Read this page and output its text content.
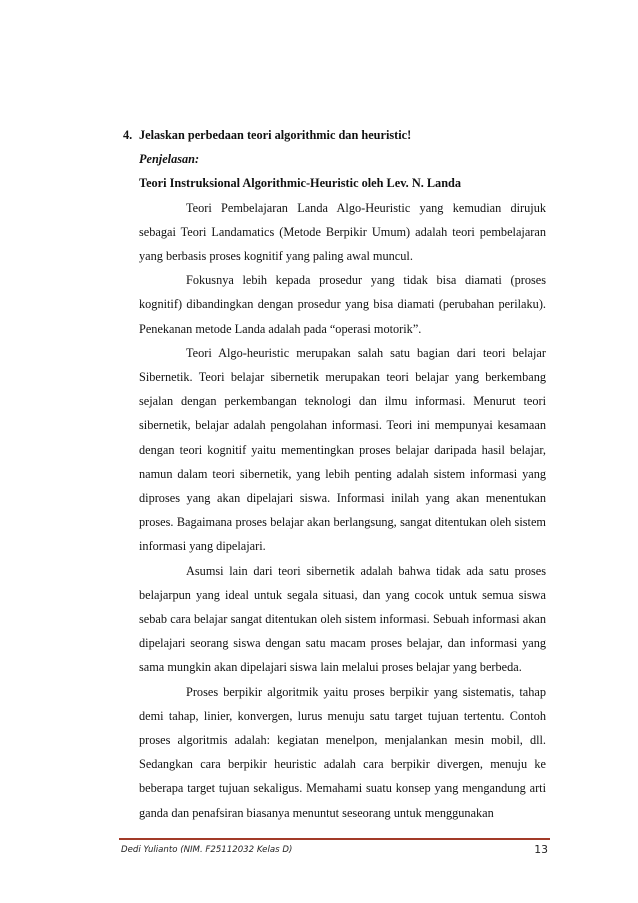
4. Jelaskan perbedaan teori algorithmic dan heuristic!
Penjelasan:
Teori Instruksional Algorithmic-Heuristic oleh Lev. N. Landa

Teori Pembelajaran Landa Algo-Heuristic yang kemudian dirujuk sebagai Teori Landamatics (Metode Berpikir Umum) adalah teori pembelajaran yang berbasis proses kognitif yang paling awal muncul.

Fokusnya lebih kepada prosedur yang tidak bisa diamati (proses kognitif) dibandingkan dengan prosedur yang bisa diamati (perubahan perilaku). Penekanan metode Landa adalah pada “operasi motorik”.

Teori Algo-heuristic merupakan salah satu bagian dari teori belajar Sibernetik. Teori belajar sibernetik merupakan teori belajar yang berkembang sejalan dengan perkembangan teknologi dan ilmu informasi. Menurut teori sibernetik, belajar adalah pengolahan informasi. Teori ini mempunyai kesamaan dengan teori kognitif yaitu mementingkan proses belajar daripada hasil belajar, namun dalam teori sibernetik, yang lebih penting adalah sistem informasi yang diproses yang akan dipelajari siswa. Informasi inilah yang akan menentukan proses. Bagaimana proses belajar akan berlangsung, sangat ditentukan oleh sistem informasi yang dipelajari.

Asumsi lain dari teori sibernetik adalah bahwa tidak ada satu proses belajarpun yang ideal untuk segala situasi, dan yang cocok untuk semua siswa sebab cara belajar sangat ditentukan oleh sistem informasi. Sebuah informasi akan dipelajari seorang siswa dengan satu macam proses belajar, dan informasi yang sama mungkin akan dipelajari siswa lain melalui proses belajar yang berbeda.

Proses berpikir algoritmik yaitu proses berpikir yang sistematis, tahap demi tahap, linier, konvergen, lurus menuju satu target tujuan tertentu. Contoh proses algoritmis adalah: kegiatan menelpon, menjalankan mesin mobil, dll. Sedangkan cara berpikir heuristic adalah cara berpikir divergen, menuju ke beberapa target tujuan sekaligus. Memahami suatu konsep yang mengandung arti ganda dan penafsiran biasanya menuntut seseorang untuk menggunakan

Dedi Yulianto (NIM. F25112032 Kelas D)	13
